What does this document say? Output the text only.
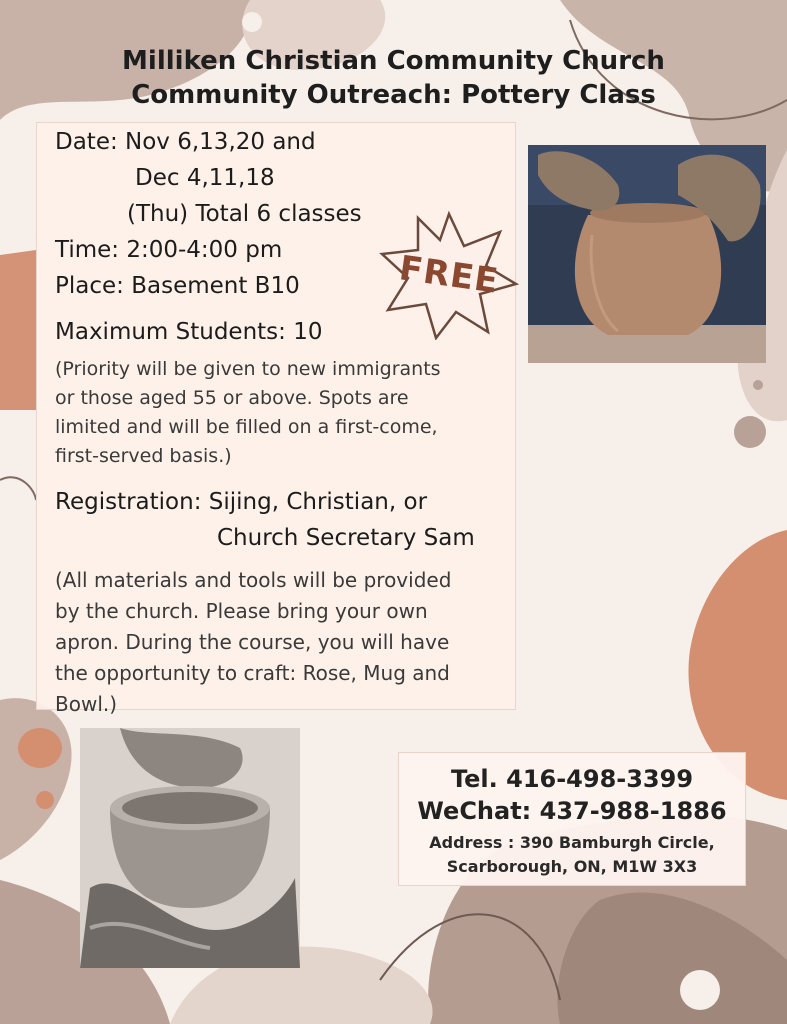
Milliken Christian Community Church
Community Outreach: Pottery Class
Date: Nov 6,13,20 and
Dec 4,11,18
(Thu) Total 6 classes
Time: 2:00-4:00 pm
Place: Basement B10
Maximum Students: 10
(Priority will be given to new immigrants
or those aged 55 or above. Spots are
limited and will be filled on a first-come,
first-served basis.)
Registration: Sijing, Christian, or
Church Secretary Sam
(All materials and tools will be provided
by the church. Please bring your own
apron. During the course, you will have
the opportunity to craft: Rose, Mug and
Bowl.)
FREE
Tel. 416-498-3399
WeChat: 437-988-1886
Address : 390 Bamburgh Circle,
Scarborough, ON, M1W 3X3
